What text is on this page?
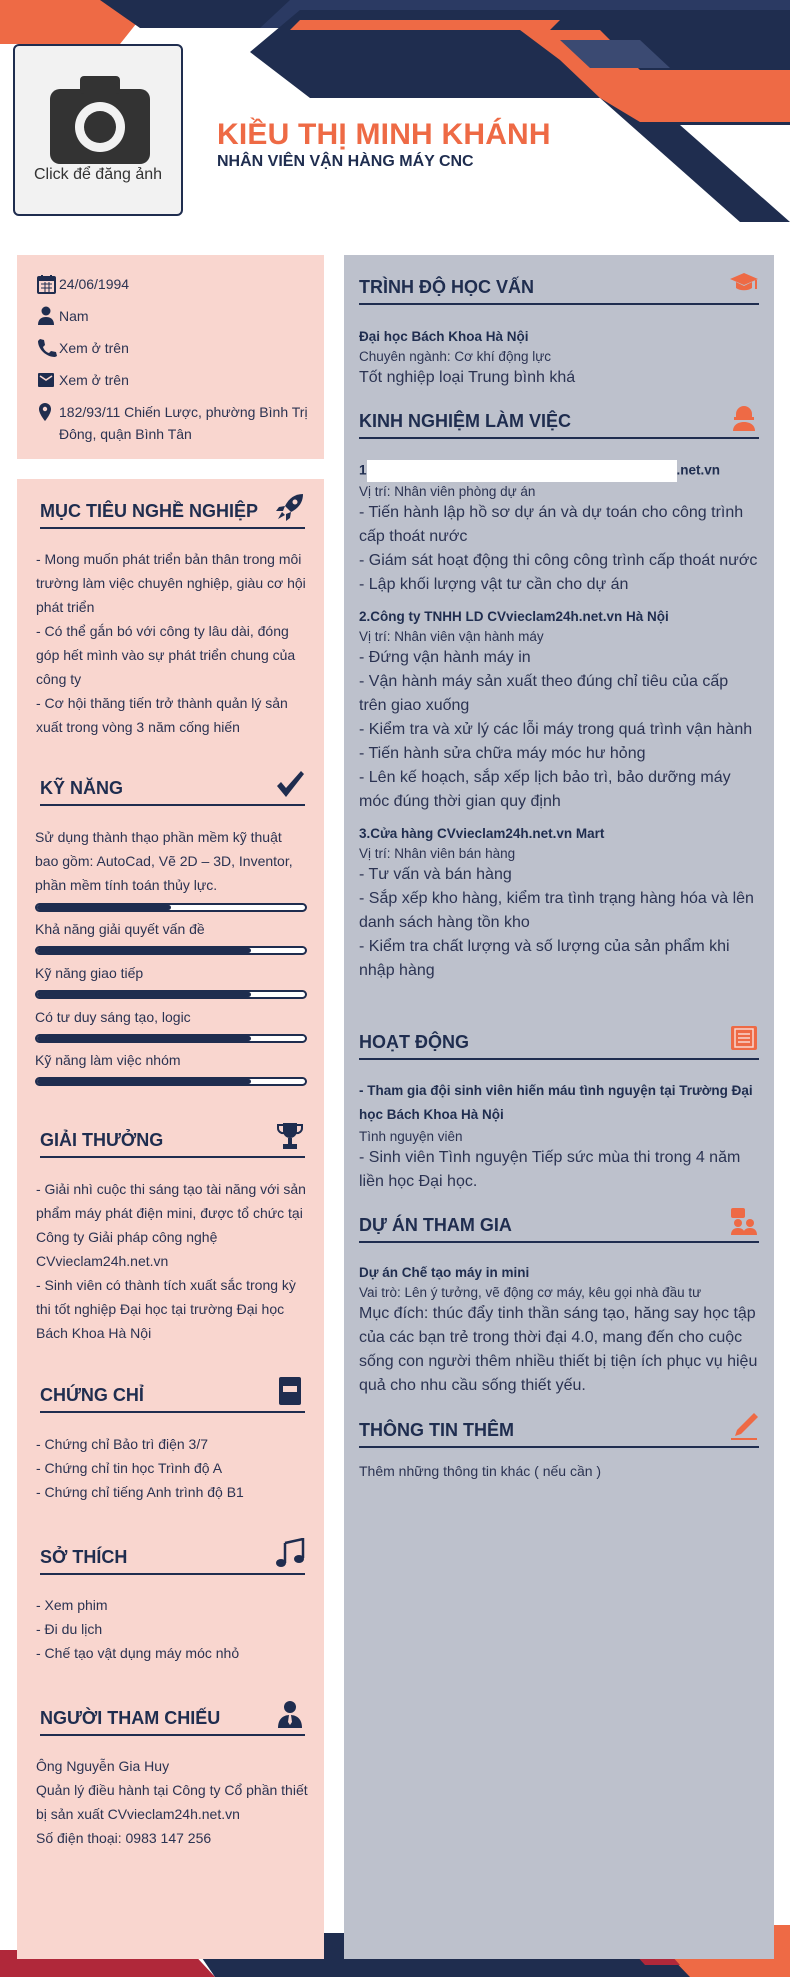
Click để đăng ảnh
KIỀU THỊ MINH KHÁNH
NHÂN VIÊN VẬN HÀNG MÁY CNC
24/06/1994
Nam
Xem ở trên
Xem ở trên
182/93/11 Chiến Lược, phường Bình Trị Đông, quận Bình Tân
MỤC TIÊU NGHỀ NGHIỆP
- Mong muốn phát triển bản thân trong môi trường làm việc chuyên nghiệp, giàu cơ hội phát triển
- Có thể gắn bó với công ty lâu dài, đóng góp hết mình vào sự phát triển chung của công ty
- Cơ hội thăng tiến trở thành quản lý sản xuất trong vòng 3 năm cống hiến
KỸ NĂNG
Sử dụng thành thạo phần mềm kỹ thuật bao gồm: AutoCad, Vẽ 2D – 3D, Inventor, phần mềm tính toán thủy lực.
Khả năng giải quyết vấn đề
Kỹ năng giao tiếp
Có tư duy sáng tạo, logic
Kỹ năng làm việc nhóm
GIẢI THƯỞNG
- Giải nhì cuộc thi sáng tạo tài năng với sản phẩm máy phát điện mini, được tổ chức tại Công ty Giải pháp công nghệ CVvieclam24h.net.vn
- Sinh viên có thành tích xuất sắc trong kỳ thi tốt nghiệp Đại học tại trường Đại học Bách Khoa Hà Nội
CHỨNG CHỈ
- Chứng chỉ Bảo trì điện 3/7
- Chứng chỉ tin học Trình độ A
- Chứng chỉ tiếng Anh trình độ B1
SỞ THÍCH
- Xem phim
- Đi du lịch
- Chế tạo vật dụng máy móc nhỏ
NGƯỜI THAM CHIẾU
Ông Nguyễn Gia Huy
Quản lý điều hành tại Công ty Cổ phần thiết bị sản xuất CVvieclam24h.net.vn
Số điện thoại: 0983 147 256
TRÌNH ĐỘ HỌC VẤN
Đại học Bách Khoa Hà Nội
Chuyên ngành: Cơ khí động lực
Tốt nghiệp loại Trung bình khá
KINH NGHIỆM LÀM VIỆC
1	.net.vn
Vị trí: Nhân viên phòng dự án
- Tiến hành lập hồ sơ dự án và dự toán cho công trình cấp thoát nước
- Giám sát hoạt động thi công công trình cấp thoát nước
- Lập khối lượng vật tư cần cho dự án
2.Công ty TNHH LD CVvieclam24h.net.vn Hà Nội
Vị trí: Nhân viên vận hành máy
- Đứng vận hành máy in
- Vận hành máy sản xuất theo đúng chỉ tiêu của cấp trên giao xuống
- Kiểm tra và xử lý các lỗi máy trong quá trình vận hành
- Tiến hành sửa chữa máy móc hư hỏng
- Lên kế hoạch, sắp xếp lịch bảo trì, bảo dưỡng máy móc đúng thời gian quy định
3.Cửa hàng CVvieclam24h.net.vn Mart
Vị trí: Nhân viên bán hàng
- Tư vấn và bán hàng
- Sắp xếp kho hàng, kiểm tra tình trạng hàng hóa và lên danh sách hàng tồn kho
- Kiểm tra chất lượng và số lượng của sản phẩm khi nhập hàng
HOẠT ĐỘNG
- Tham gia đội sinh viên hiến máu tình nguyện tại Trường Đại học Bách Khoa Hà Nội
Tình nguyện viên
- Sinh viên Tình nguyện Tiếp sức mùa thi trong 4 năm liền học Đại học.
DỰ ÁN THAM GIA
Dự án Chế tạo máy in mini
Vai trò: Lên ý tưởng, vẽ động cơ máy, kêu gọi nhà đầu tư
Mục đích: thúc đẩy tinh thần sáng tạo, hăng say học tập của các bạn trẻ trong thời đại 4.0, mang đến cho cuộc sống con người thêm nhiều thiết bị tiện ích phục vụ hiệu quả cho nhu cầu sống thiết yếu.
THÔNG TIN THÊM
Thêm những thông tin khác ( nếu cần )
